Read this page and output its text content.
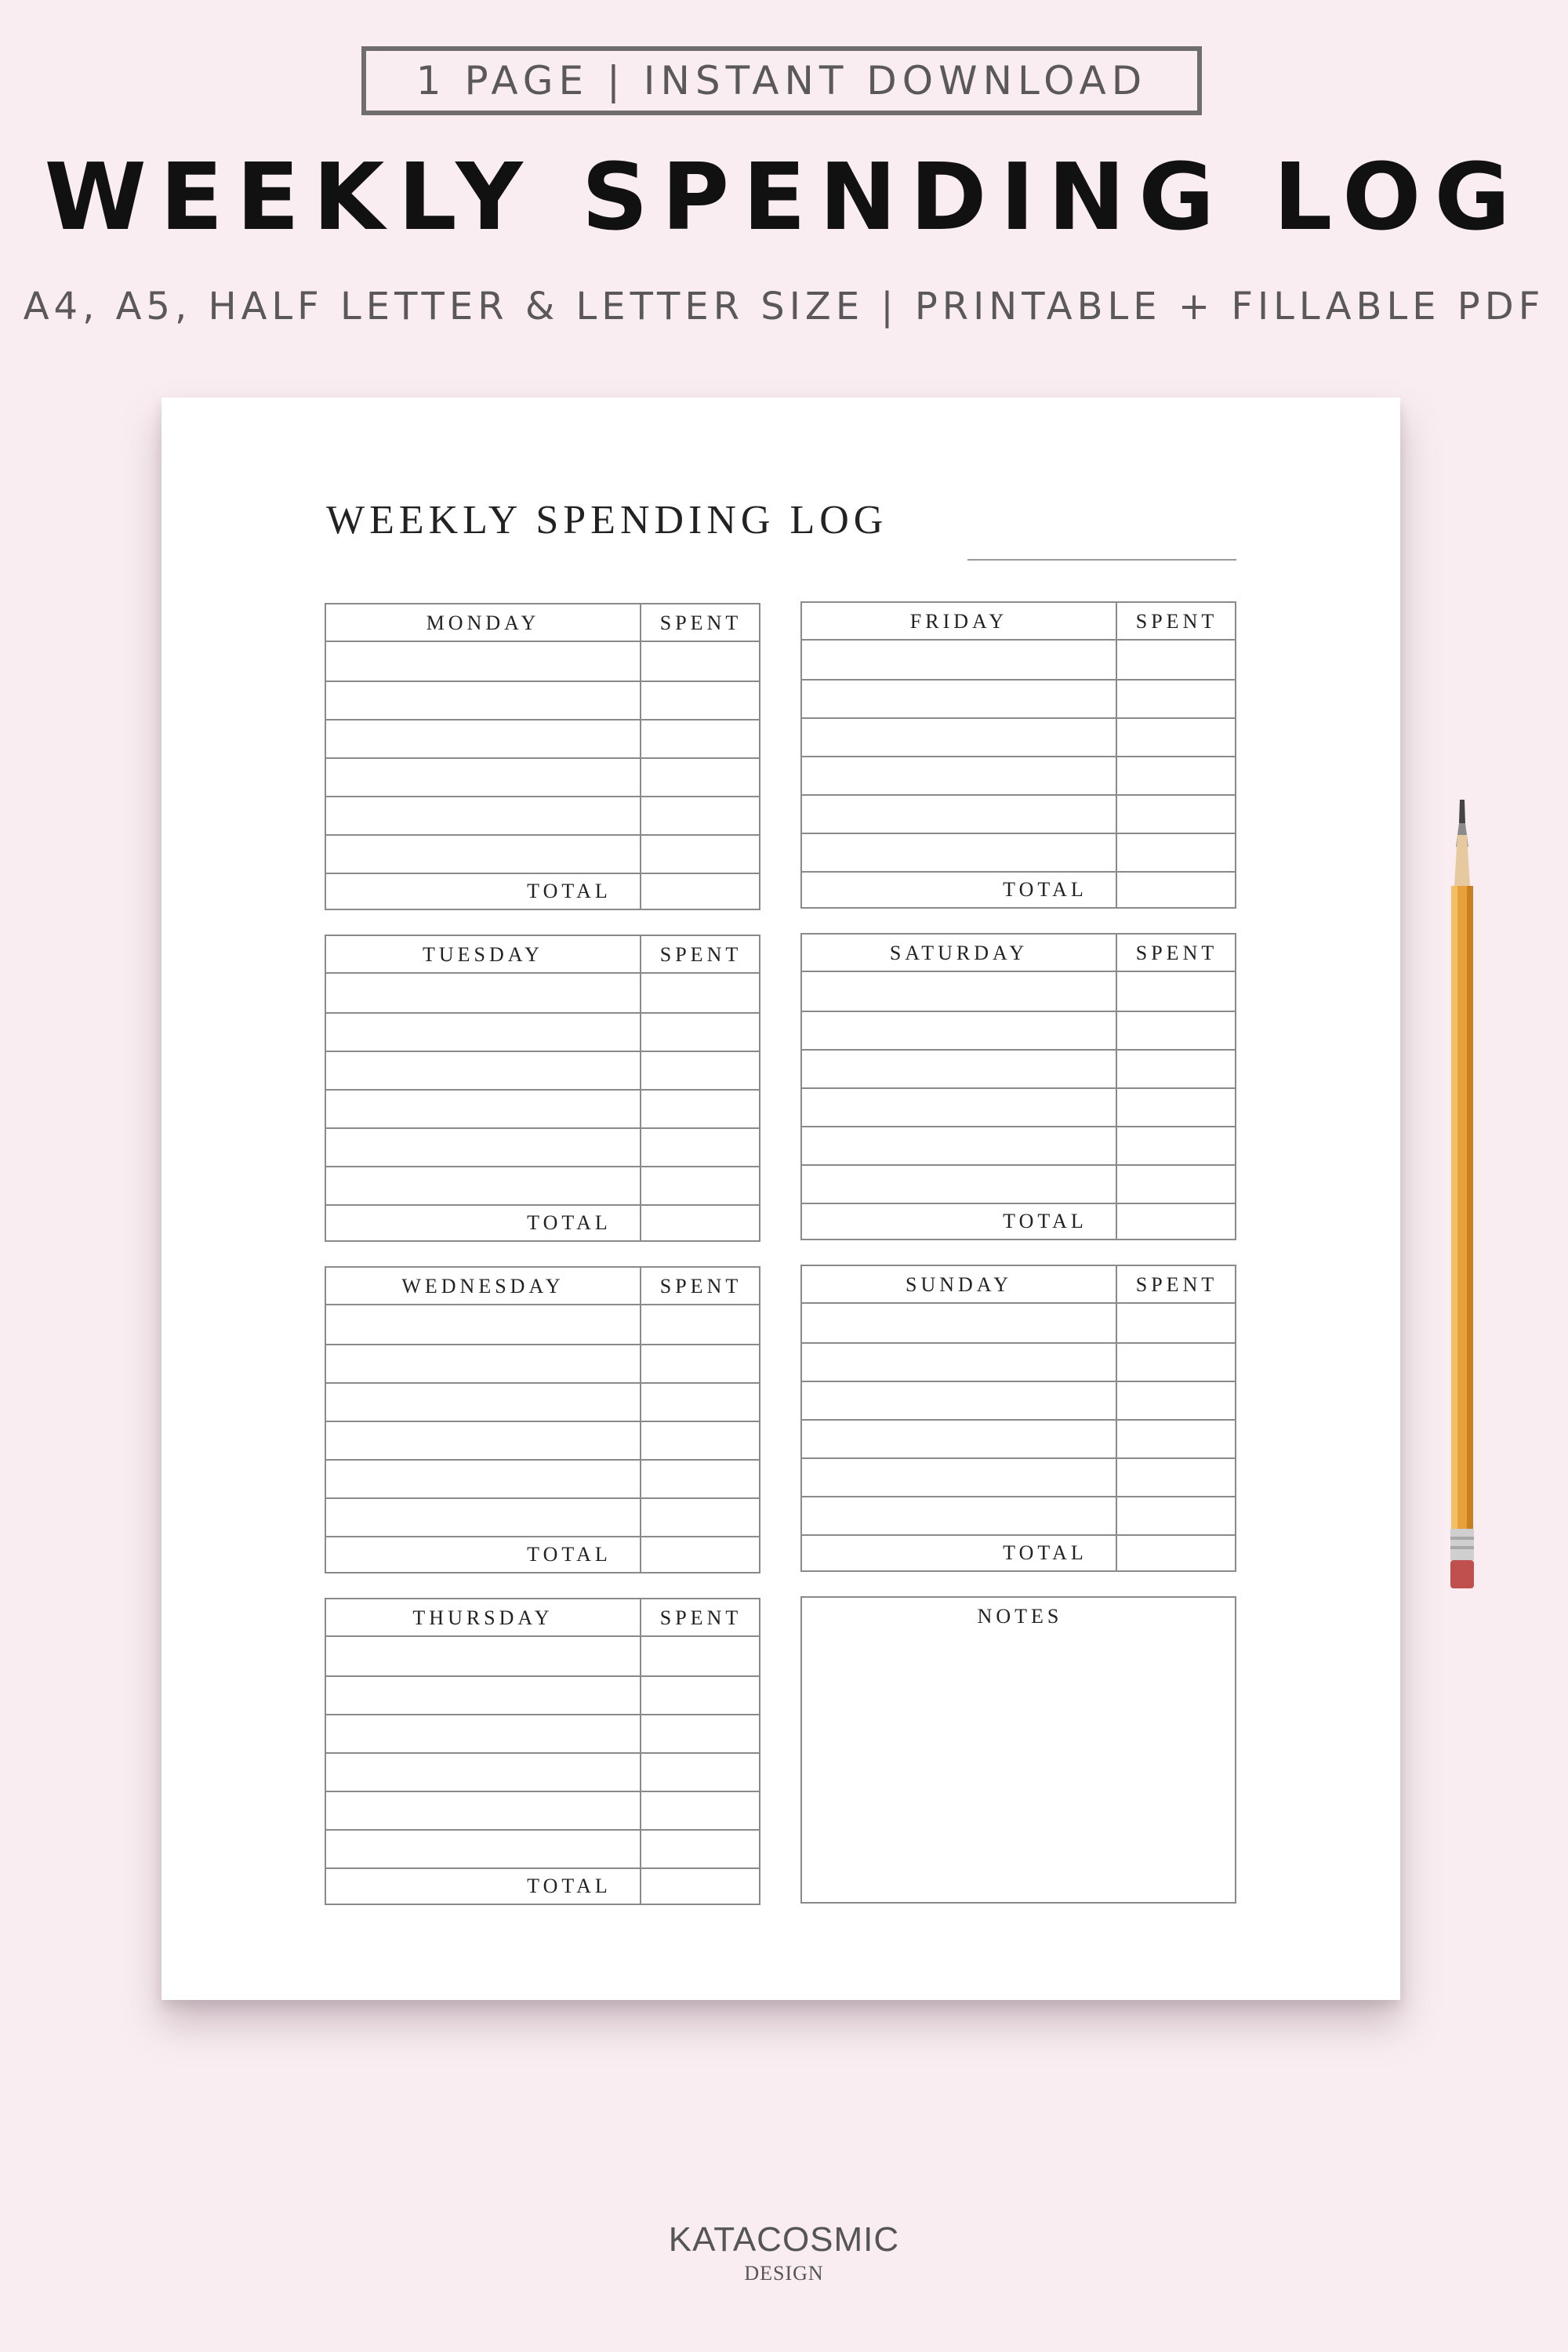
1 PAGE | INSTANT DOWNLOAD
WEEKLY SPENDING LOG
A4, A5, HALF LETTER & LETTER SIZE | PRINTABLE + FILLABLE PDF
WEEKLY SPENDING LOG
MONDAY	SPENT
TOTAL
TUESDAY	SPENT
TOTAL
WEDNESDAY	SPENT
TOTAL
THURSDAY	SPENT
TOTAL
FRIDAY	SPENT
TOTAL
SATURDAY	SPENT
TOTAL
SUNDAY	SPENT
TOTAL
NOTES
KATACOSMIC
DESIGN
